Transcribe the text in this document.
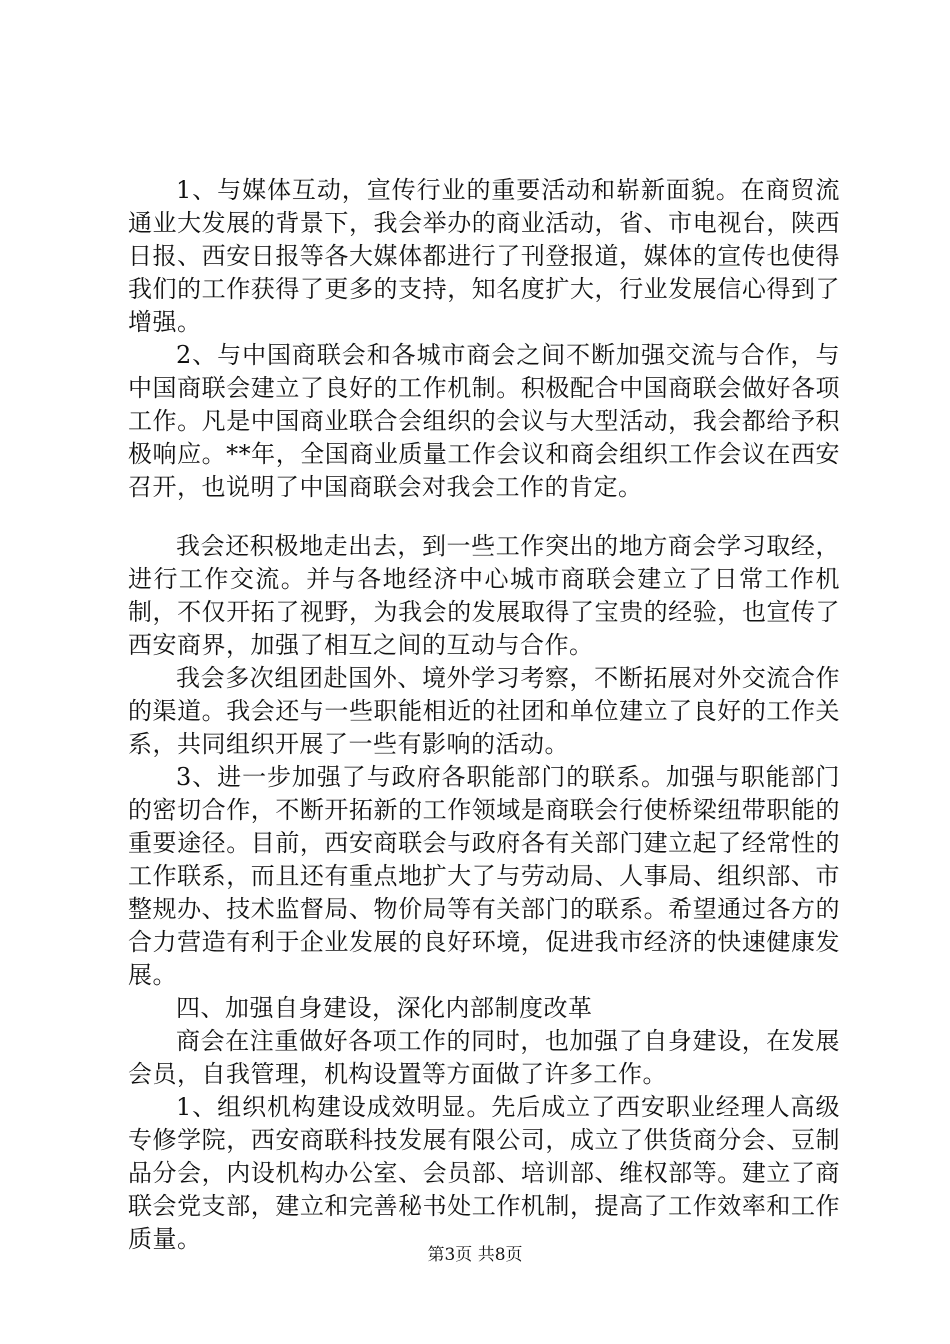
1、与媒体互动，宣传行业的重要活动和崭新面貌。在商贸流通业大发展的背景下，我会举办的商业活动，省、市电视台，陕西日报、西安日报等各大媒体都进行了刊登报道，媒体的宣传也使得我们的工作获得了更多的支持，知名度扩大，行业发展信心得到了增强。

2、与中国商联会和各城市商会之间不断加强交流与合作，与中国商联会建立了良好的工作机制。积极配合中国商联会做好各项工作。凡是中国商业联合会组织的会议与大型活动，我会都给予积极响应。**年，全国商业质量工作会议和商会组织工作会议在西安召开，也说明了中国商联会对我会工作的肯定。

我会还积极地走出去，到一些工作突出的地方商会学习取经，进行工作交流。并与各地经济中心城市商联会建立了日常工作机制，不仅开拓了视野，为我会的发展取得了宝贵的经验，也宣传了西安商界，加强了相互之间的互动与合作。

我会多次组团赴国外、境外学习考察，不断拓展对外交流合作的渠道。我会还与一些职能相近的社团和单位建立了良好的工作关系，共同组织开展了一些有影响的活动。

3、进一步加强了与政府各职能部门的联系。加强与职能部门的密切合作，不断开拓新的工作领域是商联会行使桥梁纽带职能的重要途径。目前，西安商联会与政府各有关部门建立起了经常性的工作联系，而且还有重点地扩大了与劳动局、人事局、组织部、市整规办、技术监督局、物价局等有关部门的联系。希望通过各方的合力营造有利于企业发展的良好环境，促进我市经济的快速健康发展。

四、加强自身建设，深化内部制度改革

商会在注重做好各项工作的同时，也加强了自身建设，在发展会员，自我管理，机构设置等方面做了许多工作。

1、组织机构建设成效明显。先后成立了西安职业经理人高级专修学院，西安商联科技发展有限公司，成立了供货商分会、豆制品分会，内设机构办公室、会员部、培训部、维权部等。建立了商联会党支部，建立和完善秘书处工作机制，提高了工作效率和工作质量。

第3页 共8页
